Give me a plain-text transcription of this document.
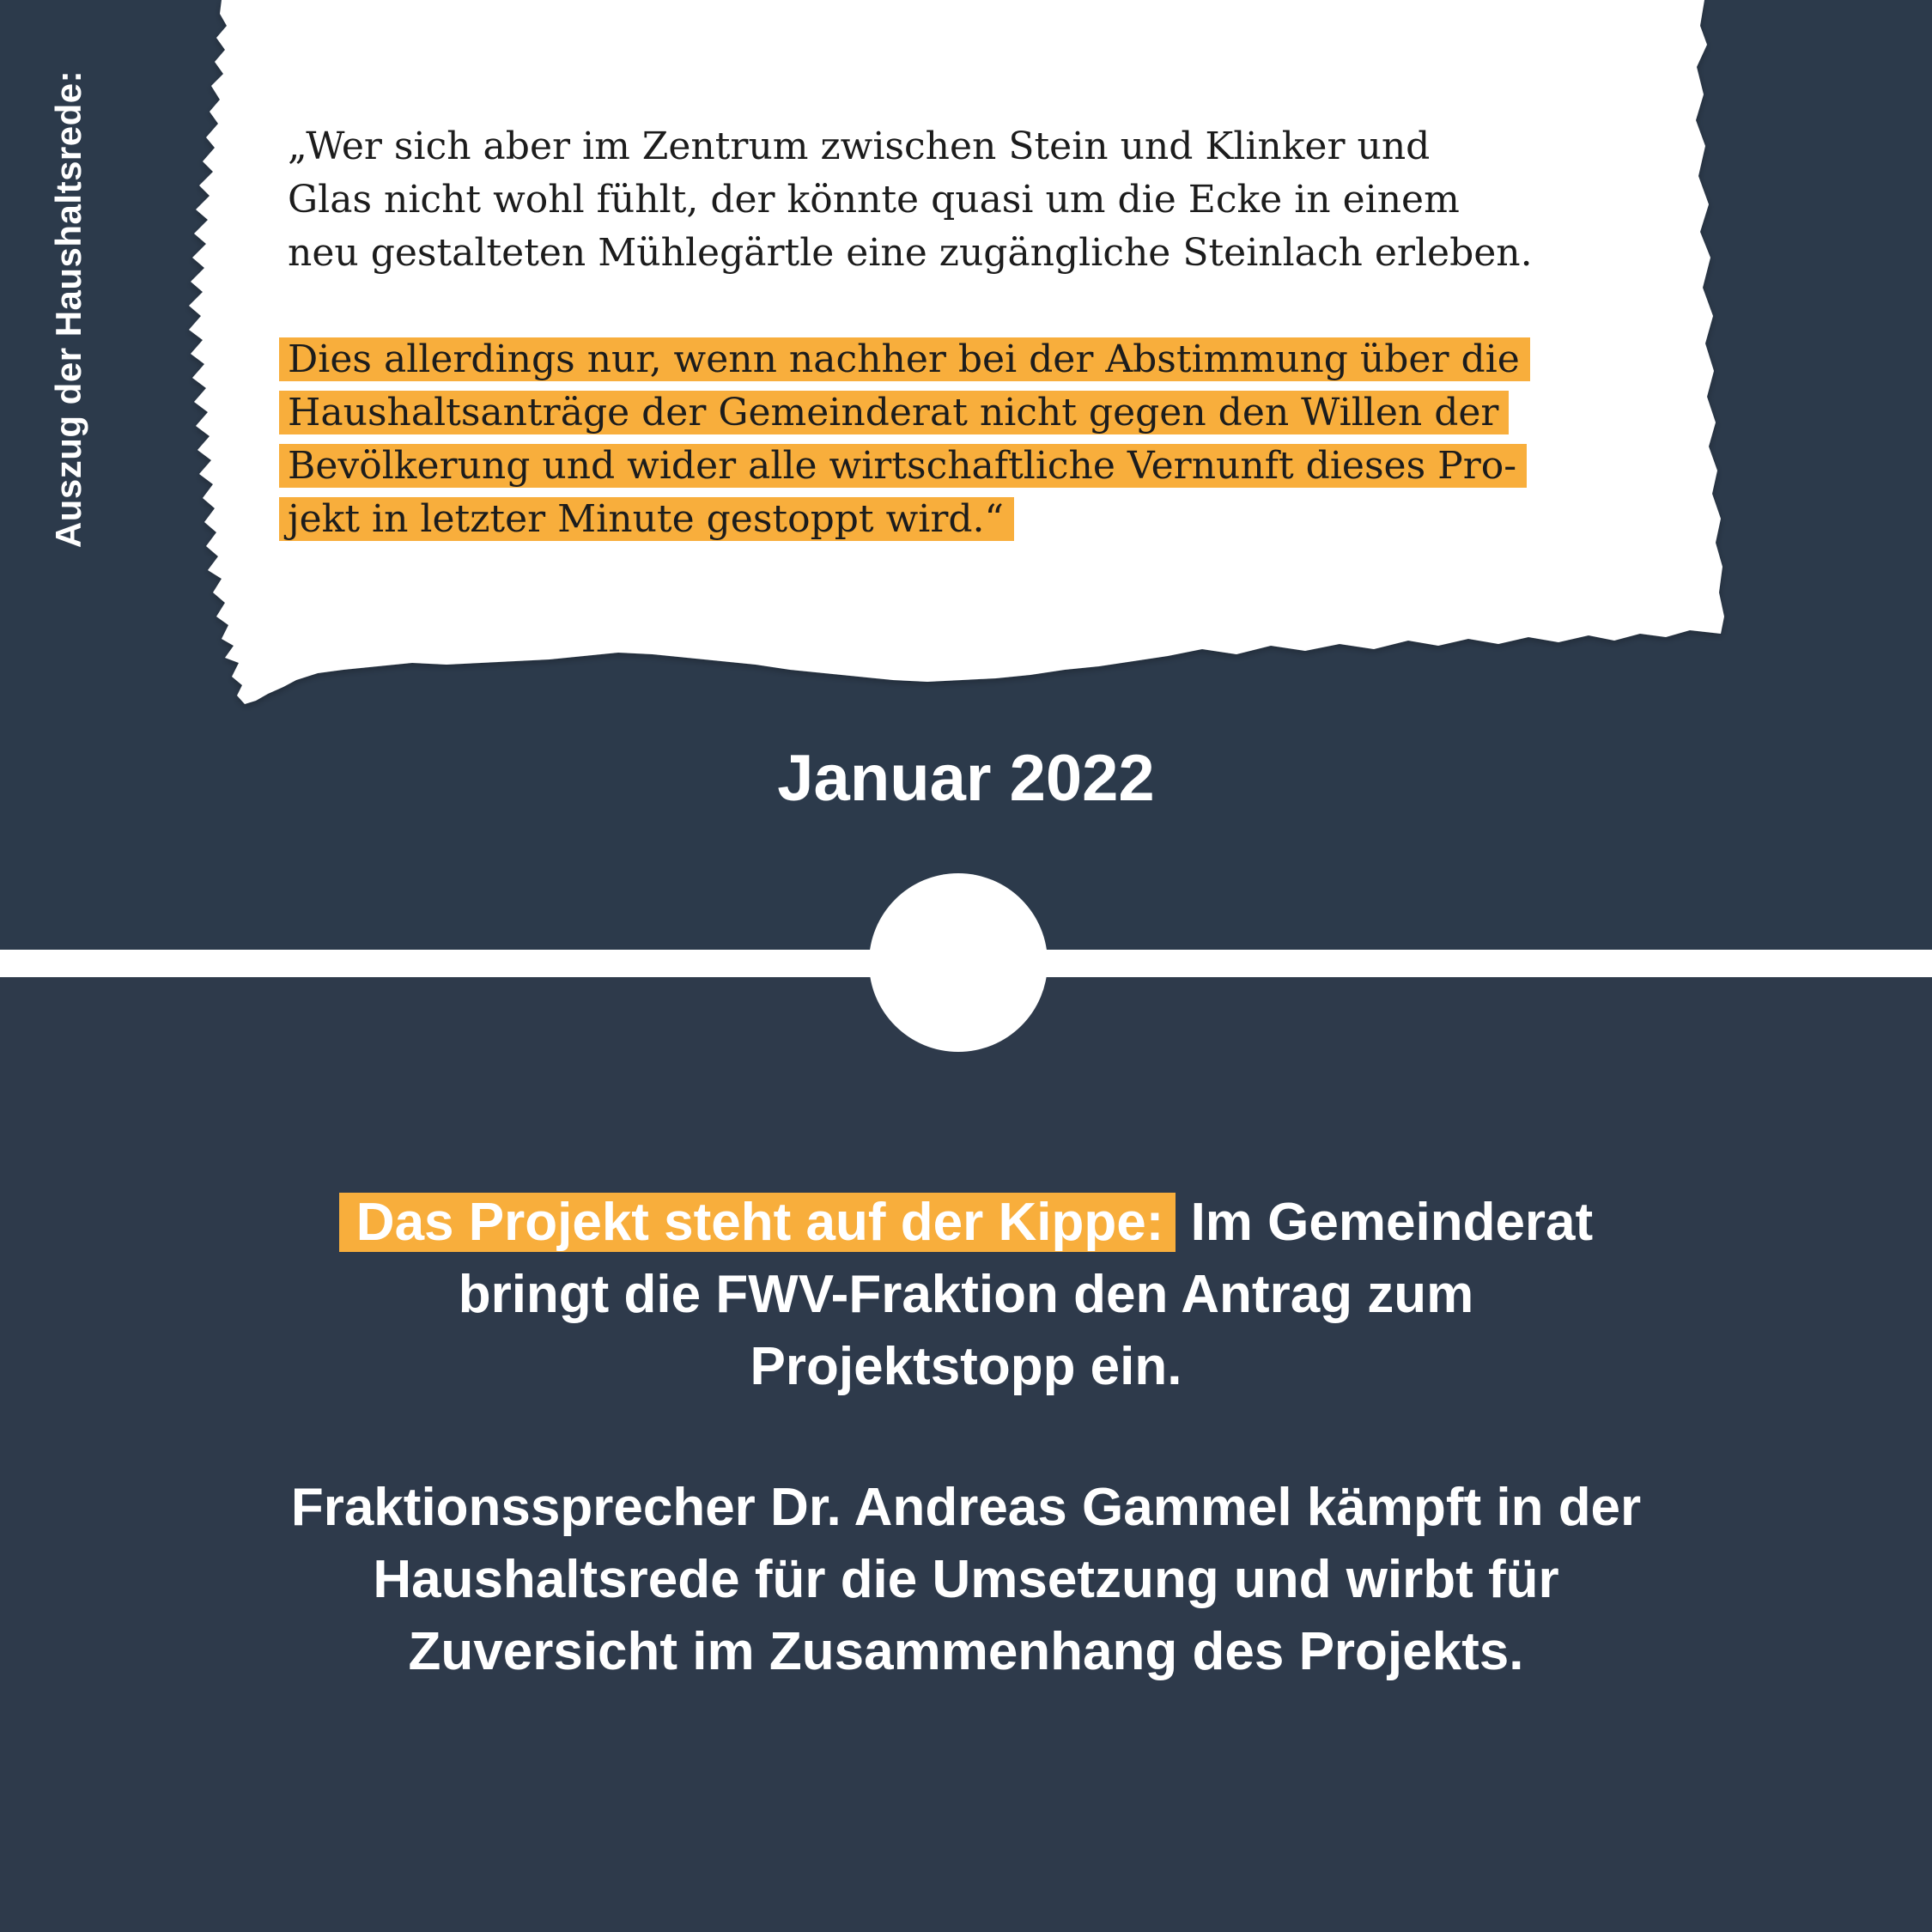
Auszug der Haushaltsrede:	„Wer sich aber im Zentrum zwischen Stein und Klinker und
Glas nicht wohl fühlt, der könnte quasi um die Ecke in einem
neu gestalteten Mühlegärtle eine zugängliche Steinlach erleben.
Dies allerdings nur, wenn nachher bei der Abstimmung über die
Haushaltsanträge der Gemeinderat nicht gegen den Willen der
Bevölkerung und wider alle wirtschaftliche Vernunft dieses Pro-
jekt in letzter Minute gestoppt wird.“
Januar 2022
Das Projekt steht auf der Kippe: Im Gemeinderat
bringt die FWV-Fraktion den Antrag zum
Projektstopp ein.
Fraktionssprecher Dr. Andreas Gammel kämpft in der
Haushaltsrede für die Umsetzung und wirbt für
Zuversicht im Zusammenhang des Projekts.
